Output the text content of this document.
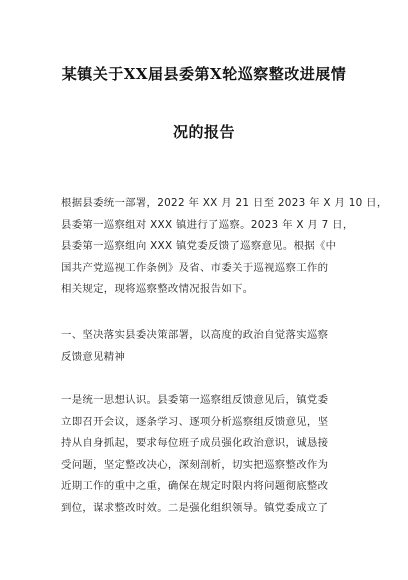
某镇关于XX届县委第X轮巡察整改进展情
况的报告
根据县委统一部署，2022 年 XX 月 21 日至 2023 年 X 月 10 日，
县委第一巡察组对 XXX 镇进行了巡察。2023 年 X 月 7 日，
县委第一巡察组向 XXX 镇党委反馈了巡察意见。根据《中
国共产党巡视工作条例》及省、市委关于巡视巡察工作的
相关规定，现将巡察整改情况报告如下。
一、坚决落实县委决策部署，以高度的政治自觉落实巡察
反馈意见精神
一是统一思想认识。县委第一巡察组反馈意见后，镇党委
立即召开会议，逐条学习、逐项分析巡察组反馈意见，坚
持从自身抓起，要求每位班子成员强化政治意识，诚恳接
受问题，坚定整改决心，深刻剖析，切实把巡察整改作为
近期工作的重中之重，确保在规定时限内将问题彻底整改
到位，谋求整改时效。二是强化组织领导。镇党委成立了
